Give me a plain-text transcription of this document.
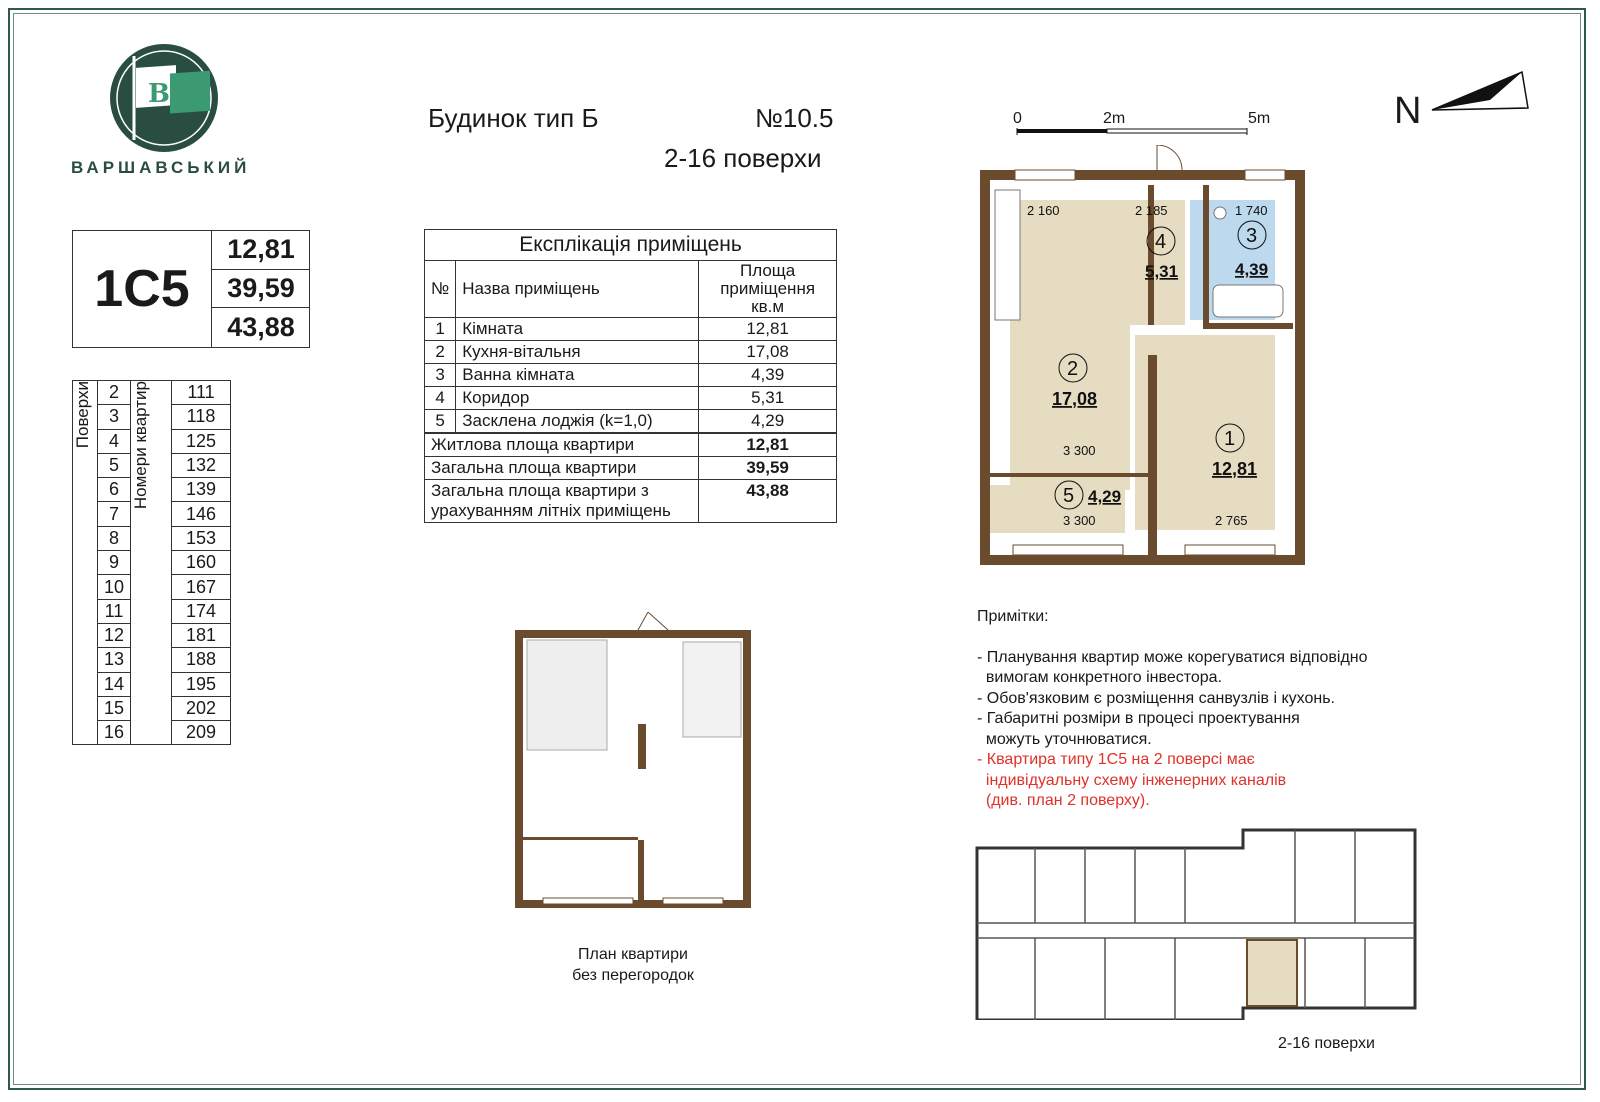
ВЗ
ВАРШАВСЬКИЙ
Будинок тип Б	№10.5
2-16 поверхи
1С5
12,81
39,59
43,88
Поверхи	2	Номери квартир	111
	3		118
	4		125
	5		132
	6		139
	7		146
	8		153
	9		160
	10		167
	11		174
	12		181
	13		188
	14		195
	15		202
	16		209
Експлікація приміщень		
№	Назва приміщень	Площа приміщення кв.м
1	Кімната	12,81
2	Кухня-вітальня	17,08
3	Ванна кімната	4,39
4	Коридор	5,31
5	Засклена лоджія (k=1,0)	4,29
Житлова площа квартири		12,81
Загальна площа квартири		39,59
Загальна площа квартири з урахуванням літніх приміщень		43,88
N
0	2m	5m
1
12,81
2
17,08
3
4,39
4
5,31
5 4,29
2 160	2 185	1 740
3 300
3 300	2 765
План квартири
без перегородок
Примітки:
- Планування квартир може корегуватися відповідно
вимогам конкретного інвестора.
- Обов'язковим є розміщення санвузлів і кухонь.
- Габаритні розміри в процесі проектування
можуть уточнюватися.
- Квартира типу 1С5 на 2 поверсі має
індивідуальну схему інженерних каналів
(див. план 2 поверху).
2-16 поверхи
